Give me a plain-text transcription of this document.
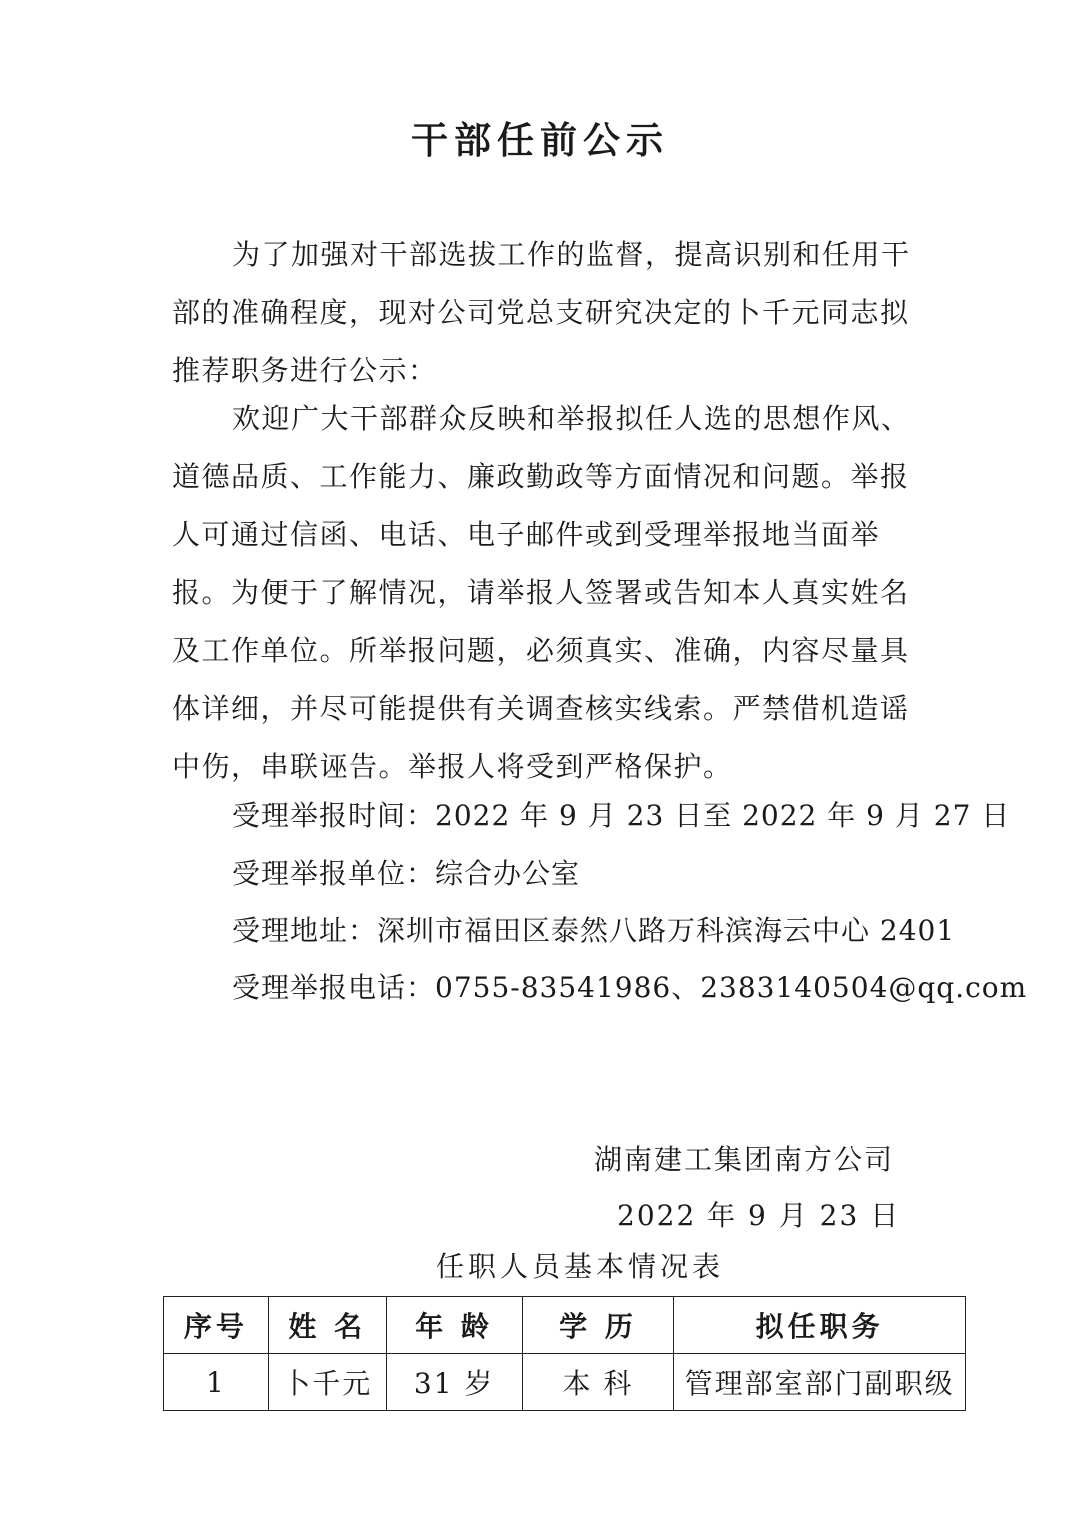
干部任前公示

为了加强对干部选拔工作的监督，提高识别和任用干部的准确程度，现对公司党总支研究决定的卜千元同志拟推荐职务进行公示：

欢迎广大干部群众反映和举报拟任人选的思想作风、道德品质、工作能力、廉政勤政等方面情况和问题。举报人可通过信函、电话、电子邮件或到受理举报地当面举报。为便于了解情况，请举报人签署或告知本人真实姓名及工作单位。所举报问题，必须真实、准确，内容尽量具体详细，并尽可能提供有关调查核实线索。严禁借机造谣中伤，串联诬告。举报人将受到严格保护。

受理举报时间：2022 年 9 月 23 日至 2022 年 9 月 27 日
受理举报单位：综合办公室
受理地址：深圳市福田区泰然八路万科滨海云中心 2401
受理举报电话：0755-83541986、2383140504@qq.com
湖南建工集团南方公司
2022 年 9 月 23 日
任职人员基本情况表
序号	姓 名	年 龄	学 历	拟任职务
1	卜千元	31 岁	本 科	管理部室部门副职级
